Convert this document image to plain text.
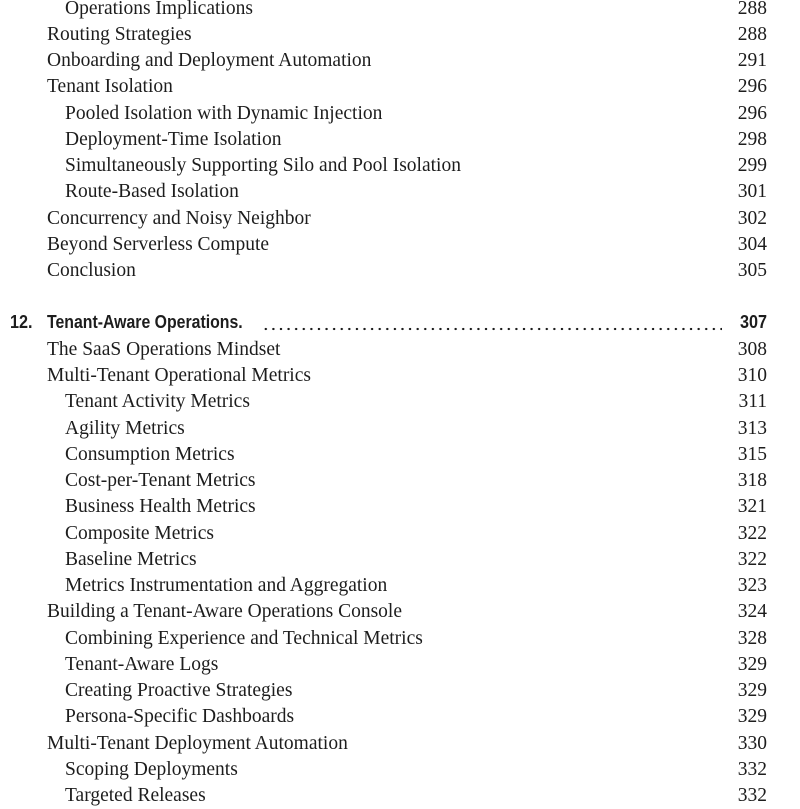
Operations Implications	288
Routing Strategies	288
Onboarding and Deployment Automation	291
Tenant Isolation	296
Pooled Isolation with Dynamic Injection	296
Deployment-Time Isolation	298
Simultaneously Supporting Silo and Pool Isolation	299
Route-Based Isolation	301
Concurrency and Noisy Neighbor	302
Beyond Serverless Compute	304
Conclusion	305
12. Tenant-Aware Operations.	307
The SaaS Operations Mindset	308
Multi-Tenant Operational Metrics	310
Tenant Activity Metrics	311
Agility Metrics	313
Consumption Metrics	315
Cost-per-Tenant Metrics	318
Business Health Metrics	321
Composite Metrics	322
Baseline Metrics	322
Metrics Instrumentation and Aggregation	323
Building a Tenant-Aware Operations Console	324
Combining Experience and Technical Metrics	328
Tenant-Aware Logs	329
Creating Proactive Strategies	329
Persona-Specific Dashboards	329
Multi-Tenant Deployment Automation	330
Scoping Deployments	332
Targeted Releases	332
